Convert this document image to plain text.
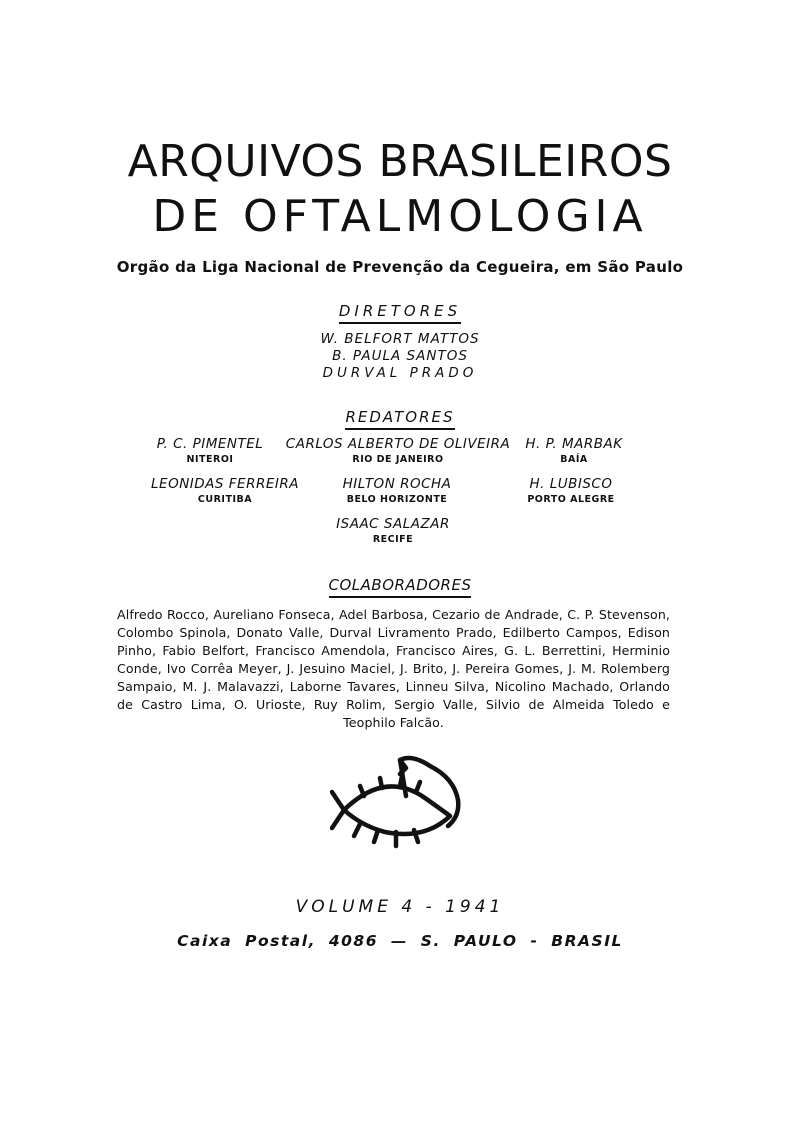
ARQUIVOS BRASILEIROS
DE OFTALMOLOGIA
Orgão da Liga Nacional de Prevenção da Cegueira, em São Paulo
DIRETORES
W. BELFORT MATTOS
B. PAULA SANTOS
DURVAL PRADO
REDATORES
P. C. PIMENTEL
NITEROI
CARLOS ALBERTO DE OLIVEIRA
RIO DE JANEIRO
H. P. MARBAK
BAÍA
LEONIDAS FERREIRA
CURITIBA
HILTON ROCHA
BELO HORIZONTE
H. LUBISCO
PORTO ALEGRE
ISAAC SALAZAR
RECIFE
COLABORADORES
Alfredo Rocco, Aureliano Fonseca, Adel Barbosa, Cezario de Andrade, C. P. Stevenson, Colombo Spinola, Donato Valle, Durval Livramento Prado, Edilberto Campos, Edison Pinho, Fabio Belfort, Francisco Amendola, Francisco Aires, G. L. Berrettini, Herminio Conde, Ivo Corrêa Meyer, J. Jesuino Maciel, J. Brito, J. Pereira Gomes, J. M. Rolemberg Sampaio, M. J. Malavazzi, Laborne Tavares, Linneu Silva, Nicolino Machado, Orlando de Castro Lima, O. Urioste, Ruy Rolim, Sergio Valle, Silvio de Almeida Toledo e Teophilo Falcão.
VOLUME 4 - 1941
Caixa Postal, 4086 — S. PAULO - BRASIL
